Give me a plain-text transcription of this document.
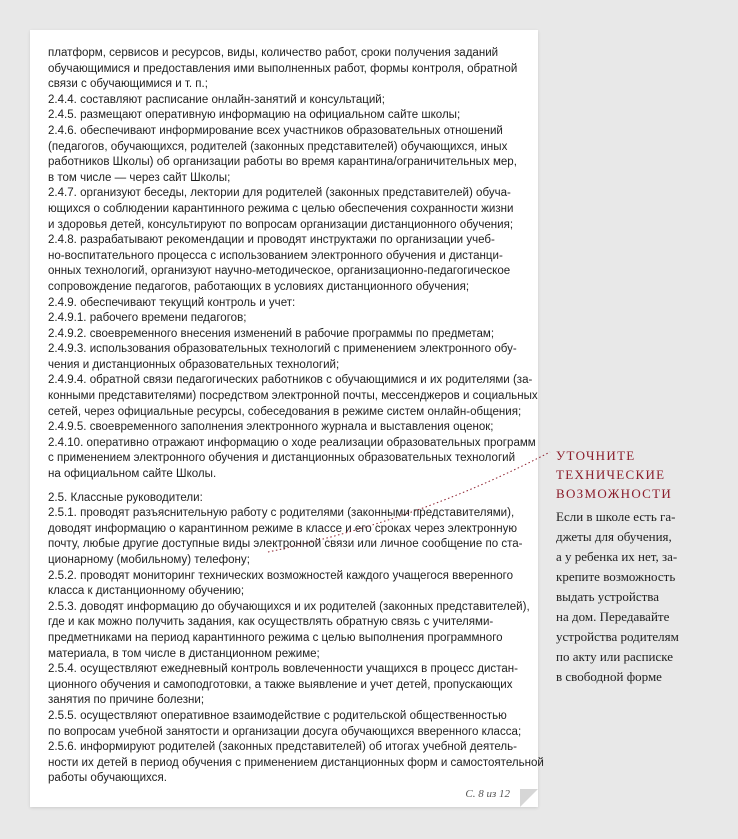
платформ, сервисов и ресурсов, виды, количество работ, сроки получения заданий
обучающимися и предоставления ими выполненных работ, формы контроля, обратной
связи с обучающимися и т. п.;
2.4.4. составляют расписание онлайн-занятий и консультаций;
2.4.5. размещают оперативную информацию на официальном сайте школы;
2.4.6. обеспечивают информирование всех участников образовательных отношений
(педагогов, обучающихся, родителей (законных представителей) обучающихся, иных
работников Школы) об организации работы во время карантина/ограничительных мер,
в том числе — через сайт Школы;
2.4.7. организуют беседы, лектории для родителей (законных представителей) обуча-
ющихся о соблюдении карантинного режима с целью обеспечения сохранности жизни
и здоровья детей, консультируют по вопросам организации дистанционного обучения;
2.4.8. разрабатывают рекомендации и проводят инструктажи по организации учеб-
но-воспитательного процесса с использованием электронного обучения и дистанци-
онных технологий, организуют научно-методическое, организационно-педагогическое
сопровождение педагогов, работающих в условиях дистанционного обучения;
2.4.9. обеспечивают текущий контроль и учет:
2.4.9.1. рабочего времени педагогов;
2.4.9.2. своевременного внесения изменений в рабочие программы по предметам;
2.4.9.3. использования образовательных технологий с применением электронного обу-
чения и дистанционных образовательных технологий;
2.4.9.4. обратной связи педагогических работников с обучающимися и их родителями (за-
конными представителями) посредством электронной почты, мессенджеров и социальных
сетей, через официальные ресурсы, собеседования в режиме систем онлайн-общения;
2.4.9.5. своевременного заполнения электронного журнала и выставления оценок;
2.4.10. оперативно отражают информацию о ходе реализации образовательных программ
с применением электронного обучения и дистанционных образовательных технологий
на официальном сайте Школы.
2.5. Классные руководители:
2.5.1. проводят разъяснительную работу с родителями (законными представителями),
доводят информацию о карантинном режиме в классе и его сроках через электронную
почту, любые другие доступные виды электронной связи или личное сообщение по ста-
ционарному (мобильному) телефону;
2.5.2. проводят мониторинг технических возможностей каждого учащегося вверенного
класса к дистанционному обучению;
2.5.3. доводят информацию до обучающихся и их родителей (законных представителей),
где и как можно получить задания, как осуществлять обратную связь с учителями-
предметниками на период карантинного режима с целью выполнения программного
материала, в том числе в дистанционном режиме;
2.5.4. осуществляют ежедневный контроль вовлеченности учащихся в процесс дистан-
ционного обучения и самоподготовки, а также выявление и учет детей, пропускающих
занятия по причине болезни;
2.5.5. осуществляют оперативное взаимодействие с родительской общественностью
по вопросам учебной занятости и организации досуга обучающихся вверенного класса;
2.5.6. информируют родителей (законных представителей) об итогах учебной деятель-
ности их детей в период обучения с применением дистанционных форм и самостоятельной
работы обучающихся.
С. 8 из 12
УТОЧНИТЕ
ТЕХНИЧЕСКИЕ
ВОЗМОЖНОСТИ
Если в школе есть га-
джеты для обучения,
а у ребенка их нет, за-
крепите возможность
выдать устройства
на дом. Передавайте
устройства родителям
по акту или расписке
в свободной форме
